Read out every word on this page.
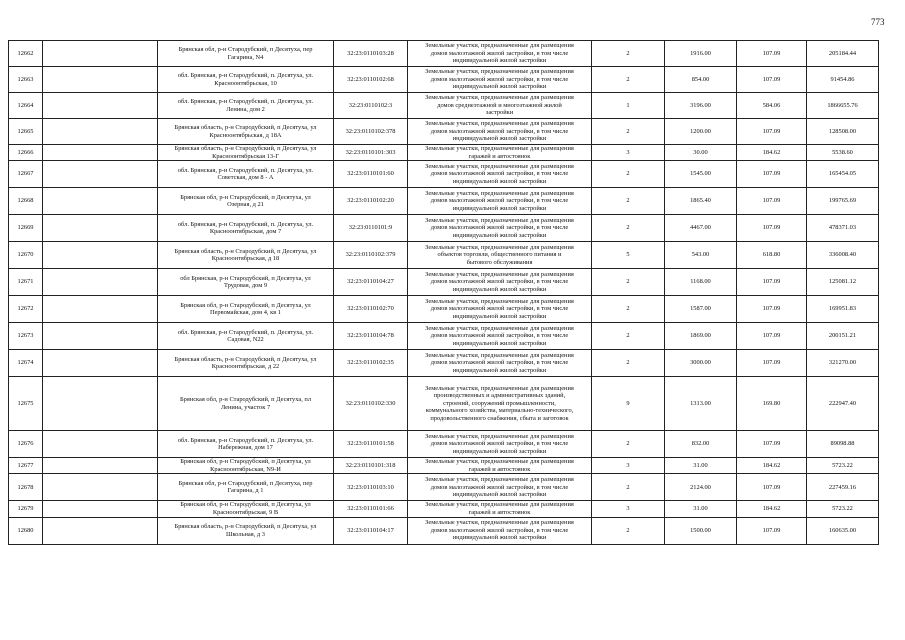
773
12662		Брянская обл, р-н Стародубский, п Десятуха, пер
Гагарина, N4	32:23:0110103:28	Земельные участки, предназначенные для размещения
домов малоэтажной жилой застройки, в том числе
индивидуальной жилой застройки	2	1916.00	107.09	205184.44
12663		обл. Брянская, р-н Стародубский, п. Десятуха, ул.
Красноонтябрьская, 10	32:23:0110102:68	Земельные участки, предназначенные для размещения
домов малоэтажной жилой застройки, в том числе
индивидуальной жилой застройки	2	854.00	107.09	91454.86
12664		обл. Брянская, р-н Стародубский, п. Десятуха, ул.
Ленина, дом 2	32:23:0110102:3	Земельные участки, предназначенные для размещения
домов среднеэтажной и многоэтажной жилой
застройки	1	3196.00	584.06	1866655.76
12665		Брянская область, р-н Стародубский, п Десятуха, ул
Красноонтябрьская, д 18А	32:23:0110102:378	Земельные участки, предназначенные для размещения
домов малоэтажной жилой застройки, в том числе
индивидуальной жилой застройки	2	1200.00	107.09	128508.00
12666		Брянская область, р-н Стародубский, п Десятуха, ул
Красноонтябрьская 13-Г	32:23:0110101:303	Земельные участки, предназначенные для размещения
гаражей и автостоянок	3	30.00	184.62	5538.60
12667		обл. Брянская, р-н Стародубский, п. Десятуха, ул.
Советская, дом 8 - А	32:23:0110101:60	Земельные участки, предназначенные для размещения
домов малоэтажной жилой застройки, в том числе
индивидуальной жилой застройки	2	1545.00	107.09	165454.05
12668		Брянская обл, р-н Стародубский, п Десятуха, ул
Озерная, д 21	32:23:0110102:20	Земельные участки, предназначенные для размещения
домов малоэтажной жилой застройки, в том числе
индивидуальной жилой застройки	2	1865.40	107.09	199765.69
12669		обл. Брянская, р-н Стародубский, п. Десятуха, ул.
Красноонтябрьская, дом 7	32:23:0110101:9	Земельные участки, предназначенные для размещения
домов малоэтажной жилой застройки, в том числе
индивидуальной жилой застройки	2	4467.00	107.09	478371.03
12670		Брянская область, р-н Стародубский, п Десятуха, ул
Красноонтябрьская, д 18	32:23:0110102:379	Земельные участки, предназначенные для размещения
объектов торговли, общественного питания и
бытового обслуживания	5	543.00	618.80	336008.40
12671		обл Брянская, р-н Стародубский, п Десятуха, ул
Трудовая, дом 9	32:23:0110104:27	Земельные участки, предназначенные для размещения
домов малоэтажной жилой застройки, в том числе
индивидуальной жилой застройки	2	1168.00	107.09	125081.12
12672		Брянская обл, р-н Стародубский, п Десятуха, ул
Первомайская, дом 4, кв 1	32:23:0110102:70	Земельные участки, предназначенные для размещения
домов малоэтажной жилой застройки, в том числе
индивидуальной жилой застройки	2	1587.00	107.09	169951.83
12673		обл. Брянская, р-н Стародубский, п. Десятуха, ул.
Садовая, N22	32:23:0110104:78	Земельные участки, предназначенные для размещения
домов малоэтажной жилой застройки, в том числе
индивидуальной жилой застройки	2	1869.00	107.09	200151.21
12674		Брянская область, р-н Стародубский, п Десятуха, ул
Красноонтябрьская, д 22	32:23:0110102:35	Земельные участки, предназначенные для размещения
домов малоэтажной жилой застройки, в том числе
индивидуальной жилой застройки	2	3000.00	107.09	321270.00
12675		Брянская обл, р-н Стародубский, п Десятуха, пл
Ленина, участок 7	32:23:0110102:330	Земельные участки, предназначенные для размещения
производственных и административных зданий,
строений, сооружений промышленности,
коммунального хозяйства, материально-технического,
продовольственного снабжения, сбыта и заготовок	9	1313.00	169.80	222947.40
12676		обл. Брянская, р-н Стародубский, п. Десятуха, ул.
Набережная, дом 17	32:23:0110101:58	Земельные участки, предназначенные для размещения
домов малоэтажной жилой застройки, в том числе
индивидуальной жилой застройки	2	832.00	107.09	89098.88
12677		Брянская обл, р-н Стародубский, п Десятуха, ул
Красноонтябрьская, N9-И	32:23:0110101:318	Земельные участки, предназначенные для размещения
гаражей и автостоянок	3	31.00	184.62	5723.22
12678		Брянская обл, р-н Стародубский, п Десятуха, пер
Гагарина, д 1	32:23:0110103:10	Земельные участки, предназначенные для размещения
домов малоэтажной жилой застройки, в том числе
индивидуальной жилой застройки	2	2124.00	107.09	227459.16
12679		Брянская обл, р-н Стародубский, п Десятуха, ул
Красноонтябрьская, 9 В	32:23:0110101:66	Земельные участки, предназначенные для размещения
гаражей и автостоянок	3	31.00	184.62	5723.22
12680		Брянская область, р-н Стародубский, п Десятуха, ул
Школьная, д 3	32:23:0110104:17	Земельные участки, предназначенные для размещения
домов малоэтажной жилой застройки, в том числе
индивидуальной жилой застройки	2	1500.00	107.09	160635.00
